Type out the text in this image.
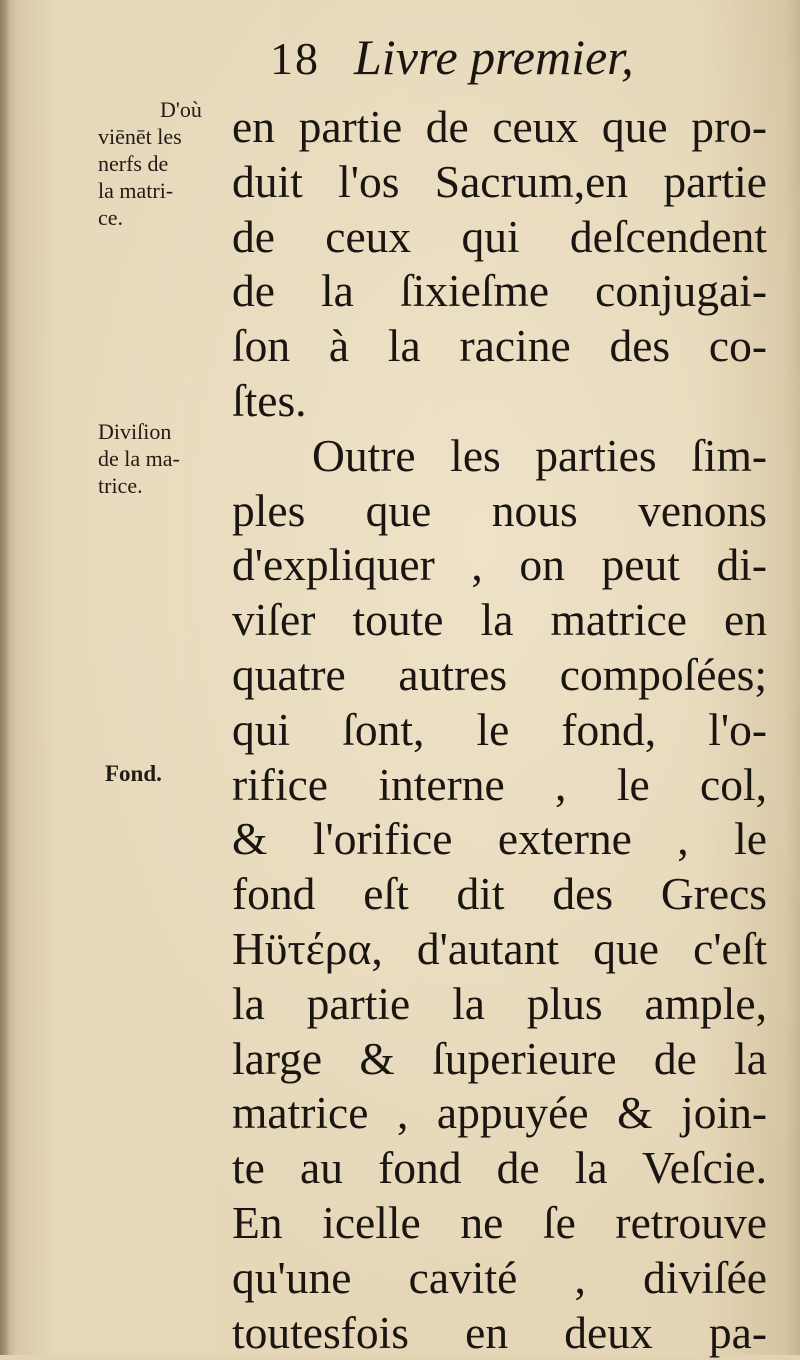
18 Livre premier,
D'où
viēnēt les
nerfs de
la matri-
ce.
Diviſion
de la ma-
trice.
Fond.
en partie de ceux que pro-
duit l'os Sacrum,en partie
de ceux qui deſcendent
de la ſixieſme conjugai-
ſon à la racine des co-
ſtes.
Outre les parties ſim-
ples que nous venons
d'expliquer , on peut di-
viſer toute la matrice en
quatre autres compoſées;
qui ſont, le fond, l'o-
rifice interne , le col,
& l'orifice externe , le
fond eſt dit des Grecs
Ηϋτέρα, d'autant que c'eſt
la partie la plus ample,
large & ſuperieure de la
matrice , appuyée & join-
te au fond de la Veſcie.
En icelle ne ſe retrouve
qu'une cavité , diviſée
toutesfois en deux pa-
